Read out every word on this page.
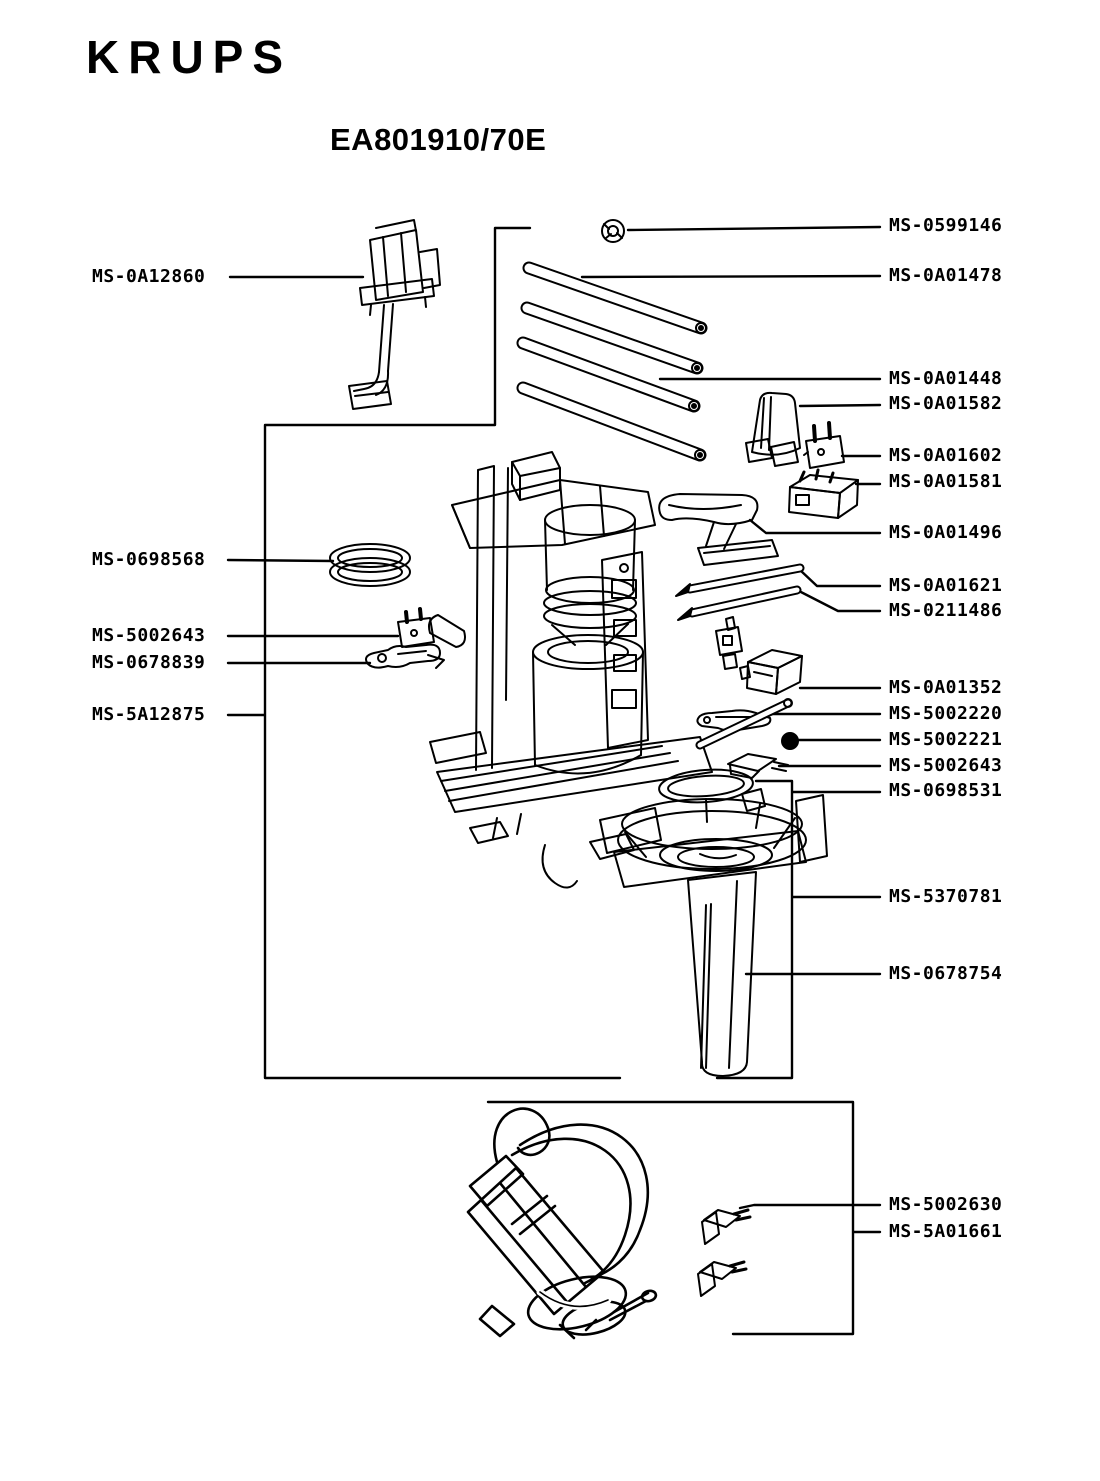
KRUPS
EA801910/70E
MS-0A12860
MS-0698568
MS-5002643
MS-0678839
MS-5A12875
MS-0599146
MS-0A01478
MS-0A01448
MS-0A01582
MS-0A01602
MS-0A01581
MS-0A01496
MS-0A01621
MS-0211486
MS-0A01352
MS-5002220
MS-5002221
MS-5002643
MS-0698531
MS-5370781
MS-0678754
MS-5002630
MS-5A01661
